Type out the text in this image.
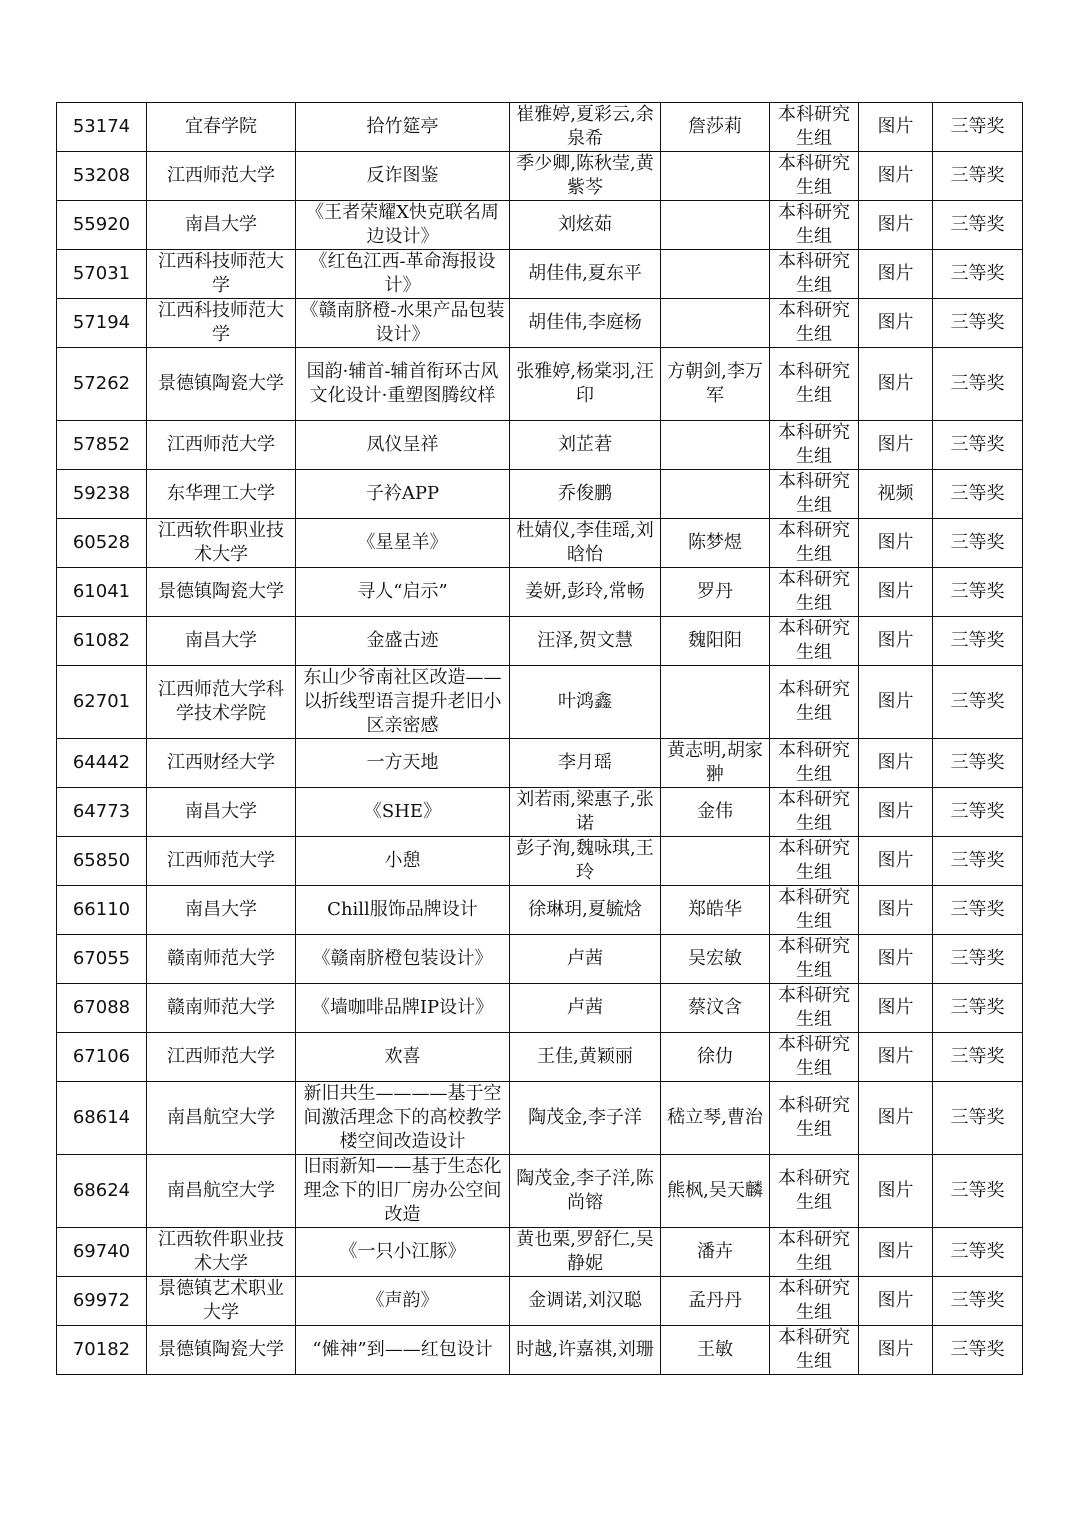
53174	宜春学院	拾竹筵亭	崔雅婷,夏彩云,余泉希	詹莎莉	本科研究生组	图片	三等奖
53208	江西师范大学	反诈图鉴	季少卿,陈秋莹,黄紫芩		本科研究生组	图片	三等奖
55920	南昌大学	《王者荣耀X快克联名周边设计》	刘炫茹		本科研究生组	图片	三等奖
57031	江西科技师范大学	《红色江西-革命海报设计》	胡佳伟,夏东平		本科研究生组	图片	三等奖
57194	江西科技师范大学	《赣南脐橙-水果产品包装设计》	胡佳伟,李庭杨		本科研究生组	图片	三等奖
57262	景德镇陶瓷大学	国韵·辅首-辅首衔环古风文化设计·重塑图腾纹样	张雅婷,杨棠羽,汪印	方朝剑,李万军	本科研究生组	图片	三等奖
57852	江西师范大学	凤仪呈祥	刘芷莙		本科研究生组	图片	三等奖
59238	东华理工大学	子衿APP	乔俊鹏		本科研究生组	视频	三等奖
60528	江西软件职业技术大学	《星星羊》	杜婧仪,李佳瑶,刘晗怡	陈梦煜	本科研究生组	图片	三等奖
61041	景德镇陶瓷大学	寻人“启示”	姜妍,彭玲,常畅	罗丹	本科研究生组	图片	三等奖
61082	南昌大学	金盛古迹	汪泽,贺文慧	魏阳阳	本科研究生组	图片	三等奖
62701	江西师范大学科学技术学院	东山少爷南社区改造——以折线型语言提升老旧小区亲密感	叶鸿鑫		本科研究生组	图片	三等奖
64442	江西财经大学	一方天地	李月瑶	黄志明,胡家翀	本科研究生组	图片	三等奖
64773	南昌大学	《SHE》	刘若雨,梁惠子,张诺	金伟	本科研究生组	图片	三等奖
65850	江西师范大学	小憩	彭子洵,魏咏琪,王玲		本科研究生组	图片	三等奖
66110	南昌大学	Chill服饰品牌设计	徐琳玥,夏毓焓	郑皓华	本科研究生组	图片	三等奖
67055	赣南师范大学	《赣南脐橙包装设计》	卢茜	吴宏敏	本科研究生组	图片	三等奖
67088	赣南师范大学	《墙咖啡品牌IP设计》	卢茜	蔡汶含	本科研究生组	图片	三等奖
67106	江西师范大学	欢喜	王佳,黄颖丽	徐仂	本科研究生组	图片	三等奖
68614	南昌航空大学	新旧共生————基于空间激活理念下的高校教学楼空间改造设计	陶茂金,李子洋	嵇立琴,曹治	本科研究生组	图片	三等奖
68624	南昌航空大学	旧雨新知——基于生态化理念下的旧厂房办公空间改造	陶茂金,李子洋,陈尚镕	熊枫,吴天麟	本科研究生组	图片	三等奖
69740	江西软件职业技术大学	《一只小江豚》	黄也栗,罗舒仁,吴静妮	潘卉	本科研究生组	图片	三等奖
69972	景德镇艺术职业大学	《声韵》	金调诺,刘汉聪	孟丹丹	本科研究生组	图片	三等奖
70182	景德镇陶瓷大学	“傩神”到——红包设计	时越,许嘉祺,刘珊	王敏	本科研究生组	图片	三等奖
